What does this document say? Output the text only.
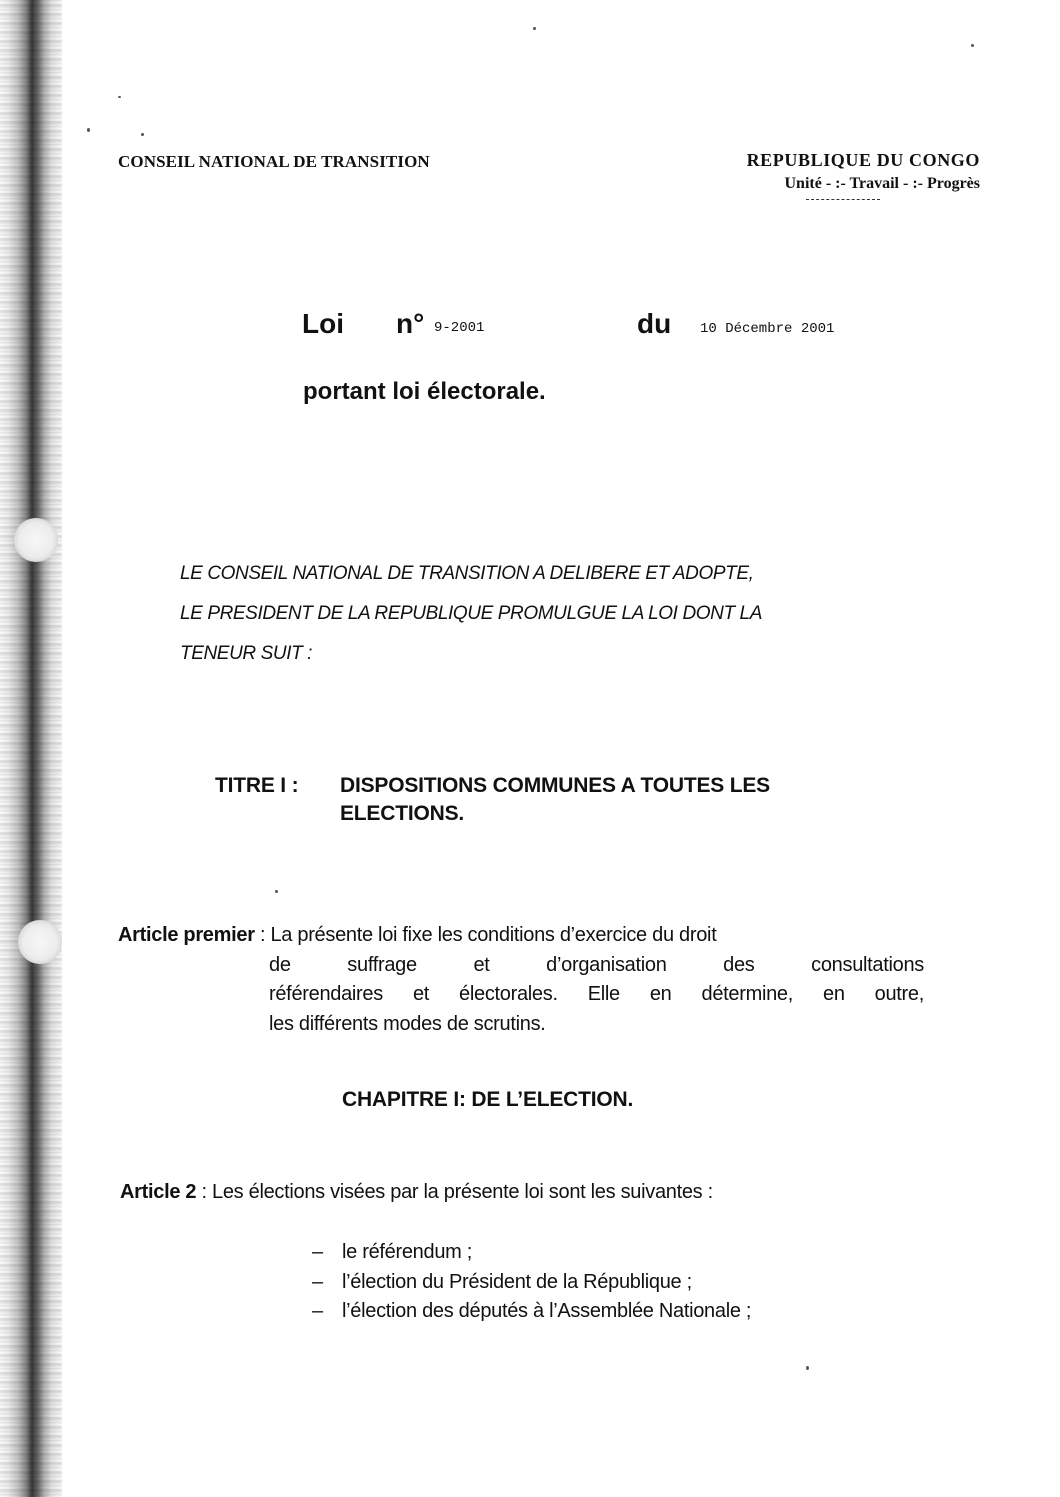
CONSEIL NATIONAL DE TRANSITION	REPUBLIQUE DU CONGO
Unité - :- Travail - :- Progrès
Loi n° 9-2001	du 10 Décembre 2001
portant loi électorale.
LE CONSEIL NATIONAL DE TRANSITION A DELIBERE ET ADOPTE,
LE PRESIDENT DE LA REPUBLIQUE PROMULGUE LA LOI DONT LA
TENEUR SUIT :
TITRE I : DISPOSITIONS COMMUNES A TOUTES LES
ELECTIONS.
Article premier : La présente loi fixe les conditions d’exercice du droit
de suffrage et d’organisation des consultations
référendaires et électorales. Elle en détermine, en outre,
les différents modes de scrutins.
CHAPITRE I: DE L’ELECTION.
Article 2 : Les élections visées par la présente loi sont les suivantes :
– le référendum ;
– l’élection du Président de la République ;
– l’élection des députés à l’Assemblée Nationale ;
